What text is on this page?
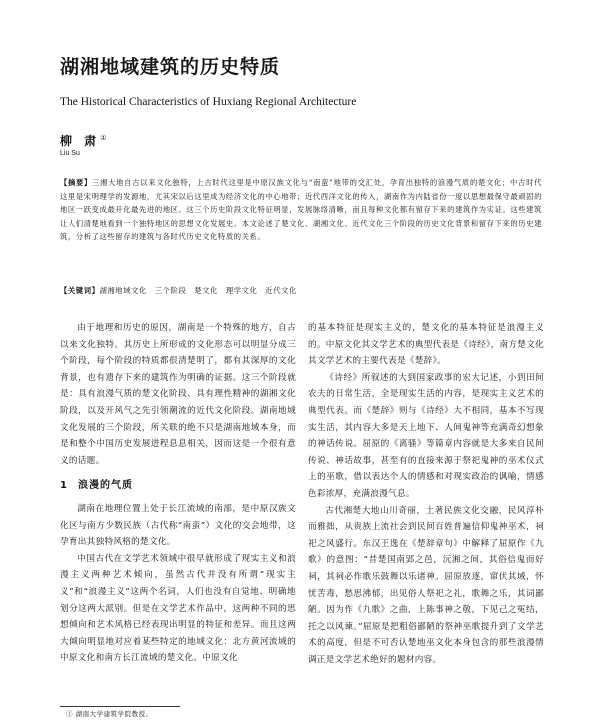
湖湘地域建筑的历史特质
The Historical Characteristics of Huxiang Regional Architecture
柳 肃①
Liu Su
【摘要】三湘大地自古以来文化独特，上古时代这里是中原汉族文化与“南蛮”地带的交汇处，孕育出独特的浪漫气质的楚文化；中古时代这里是宋明理学的发源地，尤其宋以后这里成为经济文化的中心地带；近代西洋文化的传入，湖南作为内陆省份一度以思想最保守最顽固的地区一跃变成最开化最先进的地区。这三个历史阶段文化特征明显，发展脉络清晰，而且每种文化都有留存下来的建筑作为实证。这些建筑让人们清楚地看到一个独特地区的思想文化发展史。本文论述了楚文化、湖湘文化、近代文化三个阶段的历史文化背景和留存下来的历史建筑，分析了这些留存的建筑与各时代历史文化特质的关系。
【关键词】湖湘地域文化　三个阶段　楚文化　理学文化　近代文化

由于地理和历史的原因，湖南是一个特殊的地方，自古以来文化独特。其历史上所形成的文化形态可以明显分成三个阶段，每个阶段的特质都很清楚明了，都有其深厚的文化背景，也有遗存下来的建筑作为明确的证据。这三个阶段就是：具有浪漫气质的楚文化阶段、具有理性精神的湖湘文化阶段，以及开风气之先引领潮流的近代文化阶段。湖南地域文化发展的三个阶段，所关联的绝不只是湖南地域本身，而是和整个中国历史发展进程息息相关，因而这是一个很有意义的话题。

1 浪漫的气质

湖南在地理位置上处于长江流域的南部，是中原汉族文化区与南方少数民族（古代称“南蛮”）文化的交会地带，这孕育出其独特风格的楚文化。

中国古代在文学艺术领域中很早就形成了现实主义和浪漫主义两种艺术倾向，虽然古代并没有所谓“现实主义”和“浪漫主义”这两个名词，人们也没有自觉地、明确地划分这两大派别。但是在文学艺术作品中，这两种不同的思想倾向和艺术风格已经表现出明显的特征和差异。而且这两大倾向明显地对应着某些特定的地域文化：北方黄河流域的中原文化和南方长江流域的楚文化。中原文化

的基本特征是现实主义的，楚文化的基本特征是浪漫主义的。中原文化其文学艺术的典型代表是《诗经》，南方楚文化其文学艺术的主要代表是《楚辞》。

《诗经》所叙述的大到国家政事的宏大记述，小到田间农夫的日常生活，全是现实生活的内容，是现实主义艺术的典型代表。而《楚辞》则与《诗经》大不相同，基本不写现实生活，其内容大多是天上地下、人间鬼神等充满奇幻想象的神话传说。屈原的《离骚》等篇章内容就是大多来自民间传说、神话故事，甚至有的直接来源于祭祀鬼神的巫术仪式上的巫歌，借以表达个人的情感和对现实政治的讽喻，情感色彩浓厚，充满浪漫气息。

古代湘楚大地山川奇丽，土著民族文化交融，民风淳朴而雅拙，从贵族上流社会到民间百姓普遍信仰鬼神巫术，祠祀之风盛行。东汉王逸在《楚辞章句》中解释了屈原作《九歌》的意图：“昔楚国南郢之邑，沅湘之间，其俗信鬼而好祠，其祠必作歌乐鼓舞以乐诸神。屈原放逐，窜伏其域，怀忧苦毒，愁思沸郁，出见俗人祭祀之礼，歌舞之乐，其词鄙陋。因为作《九歌》之曲，上陈事神之敬，下见己之冤结，托之以风谏。”屈原是把粗俗鄙陋的祭神巫歌提升到了文学艺术的高度，但是不可否认楚地巫文化本身包含的那些浪漫情调正是文学艺术绝好的题材内容。

① 湖南大学建筑学院教授。
